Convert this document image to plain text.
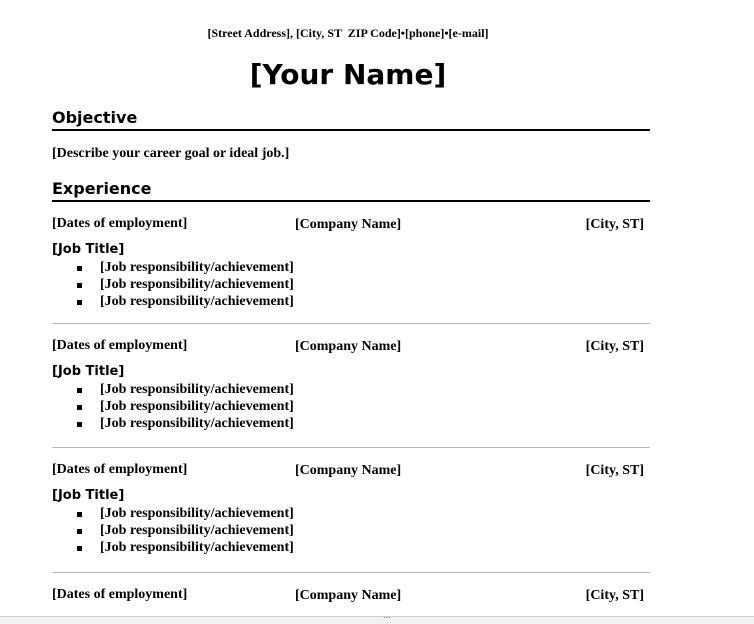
[Street Address], [City, ST  ZIP Code]•[phone]•[e-mail]
[Your Name]
Objective
[Describe your career goal or ideal job.]
Experience
[Dates of employment]	[Company Name]	[City, ST]
[Job Title]
[Job responsibility/achievement]
[Job responsibility/achievement]
[Job responsibility/achievement]
[Dates of employment]	[Company Name]	[City, ST]
[Job Title]
[Job responsibility/achievement]
[Job responsibility/achievement]
[Job responsibility/achievement]
[Dates of employment]	[Company Name]	[City, ST]
[Job Title]
[Job responsibility/achievement]
[Job responsibility/achievement]
[Job responsibility/achievement]
[Dates of employment]	[Company Name]	[City, ST]
…
